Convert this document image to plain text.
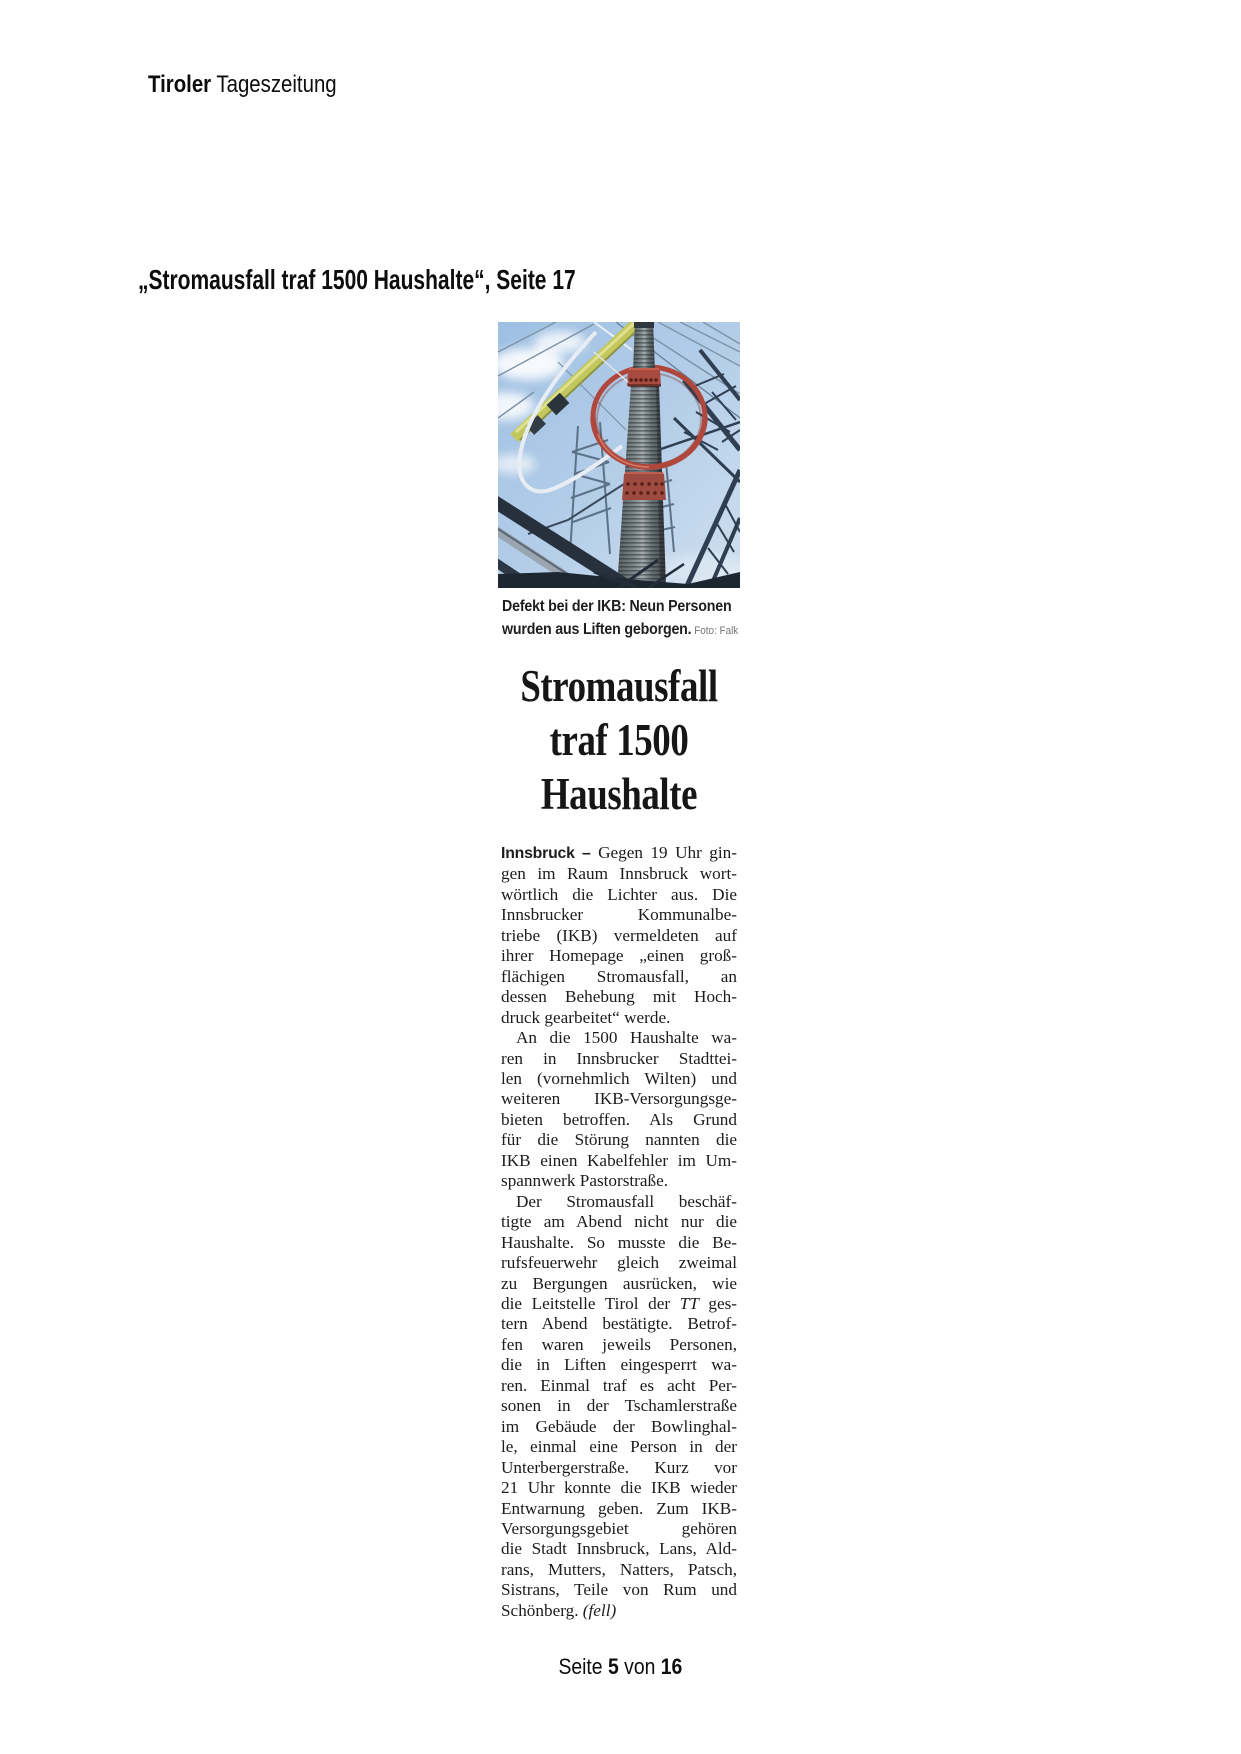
Tiroler Tageszeitung
„Stromausfall traf 1500 Haushalte“, Seite 17
Defekt bei der IKB: Neun Personen
wurden aus Liften geborgen. Foto: Falk
Stromausfall
traf 1500
Haushalte
Innsbruck – Gegen 19 Uhr gin-
gen im Raum Innsbruck wort-
wörtlich die Lichter aus. Die
Innsbrucker Kommunalbe-
triebe (IKB) vermeldeten auf
ihrer Homepage „einen groß-
flächigen Stromausfall, an
dessen Behebung mit Hoch-
druck gearbeitet“ werde.
An die 1500 Haushalte wa-
ren in Innsbrucker Stadttei-
len (vornehmlich Wilten) und
weiteren IKB-Versorgungsge-
bieten betroffen. Als Grund
für die Störung nannten die
IKB einen Kabelfehler im Um-
spannwerk Pastorstraße.
Der Stromausfall beschäf-
tigte am Abend nicht nur die
Haushalte. So musste die Be-
rufsfeuerwehr gleich zweimal
zu Bergungen ausrücken, wie
die Leitstelle Tirol der TT ges-
tern Abend bestätigte. Betrof-
fen waren jeweils Personen,
die in Liften eingesperrt wa-
ren. Einmal traf es acht Per-
sonen in der Tschamlerstraße
im Gebäude der Bowlinghal-
le, einmal eine Person in der
Unterbergerstraße. Kurz vor
21 Uhr konnte die IKB wieder
Entwarnung geben. Zum IKB-
Versorgungsgebiet gehören
die Stadt Innsbruck, Lans, Ald-
rans, Mutters, Natters, Patsch,
Sistrans, Teile von Rum und
Schönberg. (fell)
Seite 5 von 16
